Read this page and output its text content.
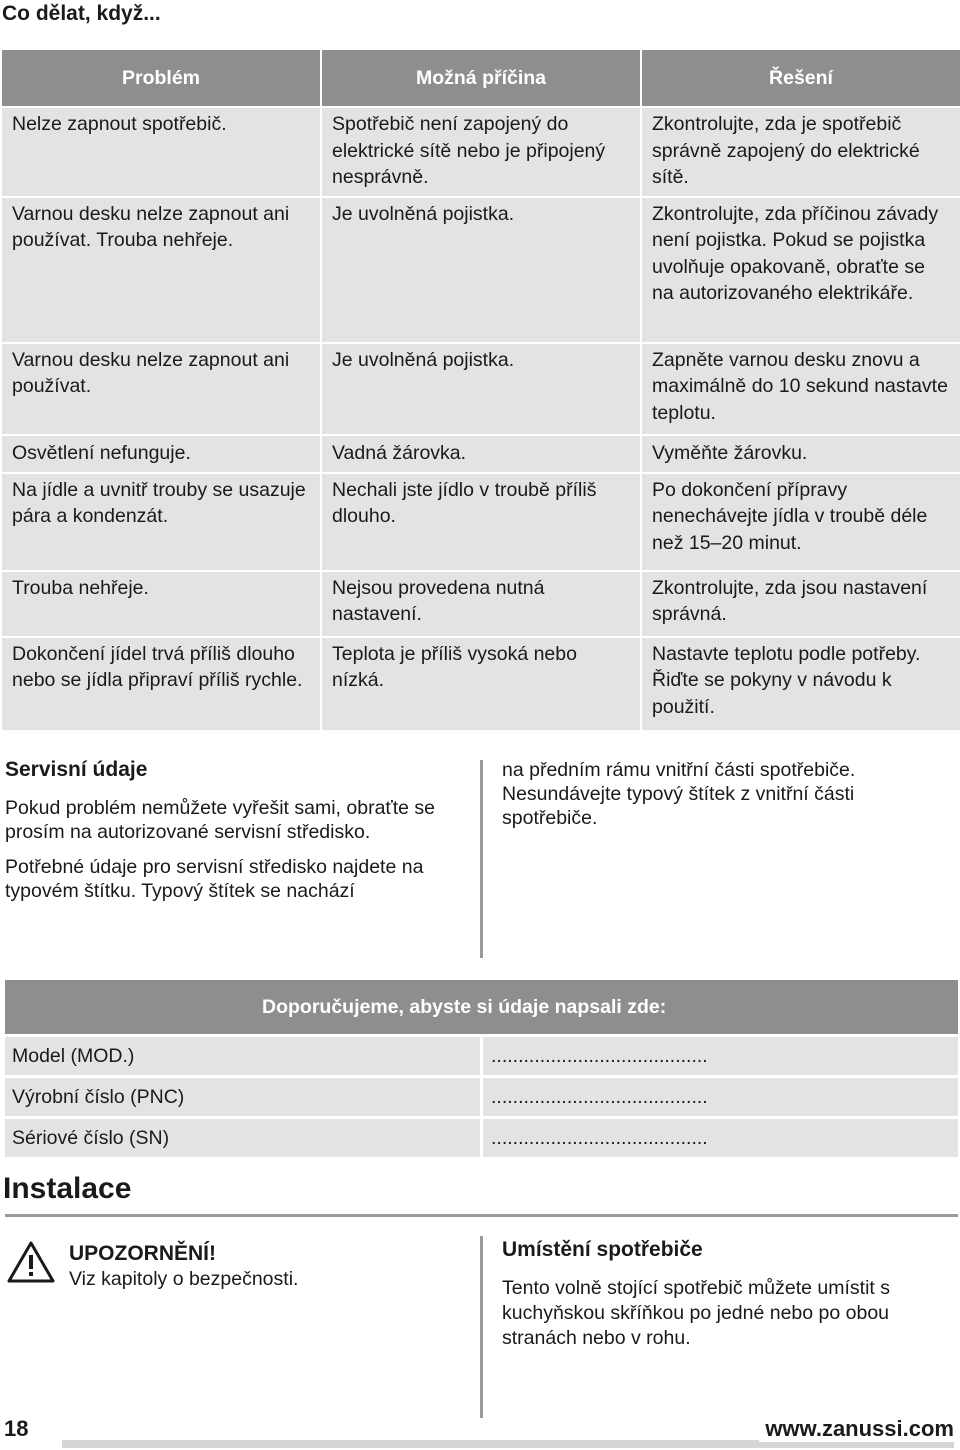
Co dělat, když...
Problém	Možná příčina	Řešení
Nelze zapnout spotřebič.	Spotřebič není zapojený do elektrické sítě nebo je připojený nesprávně.	Zkontrolujte, zda je spotřebič správně zapojený do elektrické sítě.
Varnou desku nelze zapnout ani používat. Trouba nehřeje.	Je uvolněná pojistka.	Zkontrolujte, zda příčinou závady není pojistka. Pokud se pojistka uvolňuje opakovaně, obraťte se na autorizovaného elektrikáře.
Varnou desku nelze zapnout ani používat.	Je uvolněná pojistka.	Zapněte varnou desku znovu a maximálně do 10 sekund nastavte teplotu.
Osvětlení nefunguje.	Vadná žárovka.	Vyměňte žárovku.
Na jídle a uvnitř trouby se usazuje pára a kondenzát.	Nechali jste jídlo v troubě příliš dlouho.	Po dokončení přípravy nenechávejte jídla v troubě déle než 15–20 minut.
Trouba nehřeje.	Nejsou provedena nutná nastavení.	Zkontrolujte, zda jsou nastavení správná.
Dokončení jídel trvá příliš dlouho nebo se jídla připraví příliš rychle.	Teplota je příliš vysoká nebo nízká.	Nastavte teplotu podle potřeby. Řiďte se pokyny v návodu k použití.
Servisní údaje

Pokud problém nemůžete vyřešit sami, obraťte se prosím na autorizované servisní středisko.

Potřebné údaje pro servisní středisko najdete na typovém štítku. Typový štítek se nachází

na předním rámu vnitřní části spotřebiče. Nesundávejte typový štítek z vnitřní části spotřebiče.
Doporučujeme, abyste si údaje napsali zde:
Model (MOD.)	........................................
Výrobní číslo (PNC)	........................................
Sériové číslo (SN)	........................................
Instalace
UPOZORNĚNÍ!
Viz kapitoly o bezpečnosti.
Umístění spotřebiče
Tento volně stojící spotřebič můžete umístit s kuchyňskou skříňkou po jedné nebo po obou stranách nebo v rohu.
18	www.zanussi.com
